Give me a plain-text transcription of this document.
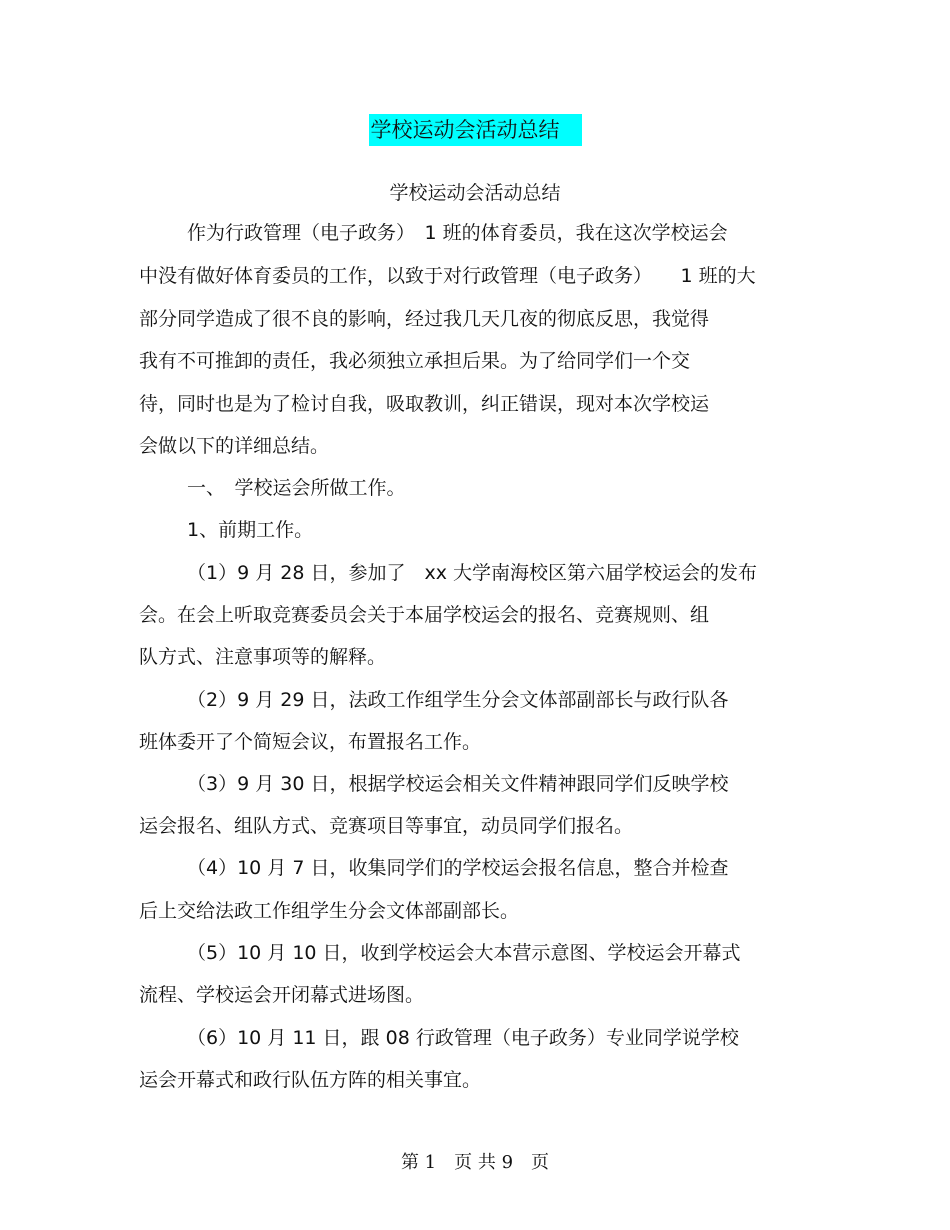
学校运动会活动总结
学校运动会活动总结
作为行政管理（电子政务）　1 班的体育委员，我在这次学校运会
中没有做好体育委员的工作，以致于对行政管理（电子政务）　　1 班的大
部分同学造成了很不良的影响，经过我几天几夜的彻底反思，我觉得
我有不可推卸的责任，我必须独立承担后果。为了给同学们一个交
待，同时也是为了检讨自我，吸取教训，纠正错误，现对本次学校运
会做以下的详细总结。
一、　学校运会所做工作。
1、前期工作。
（1）9 月 28 日，参加了　xx 大学南海校区第六届学校运会的发布
会。在会上听取竞赛委员会关于本届学校运会的报名、竞赛规则、组
队方式、注意事项等的解释。
（2）9 月 29 日，法政工作组学生分会文体部副部长与政行队各
班体委开了个简短会议，布置报名工作。
（3）9 月 30 日，根据学校运会相关文件精神跟同学们反映学校
运会报名、组队方式、竞赛项目等事宜，动员同学们报名。
（4）10 月 7 日，收集同学们的学校运会报名信息，整合并检查
后上交给法政工作组学生分会文体部副部长。
（5）10 月 10 日，收到学校运会大本营示意图、学校运会开幕式
流程、学校运会开闭幕式进场图。
（6）10 月 11 日，跟 08 行政管理（电子政务）专业同学说学校
运会开幕式和政行队伍方阵的相关事宜。
第 1　页 共 9　页
